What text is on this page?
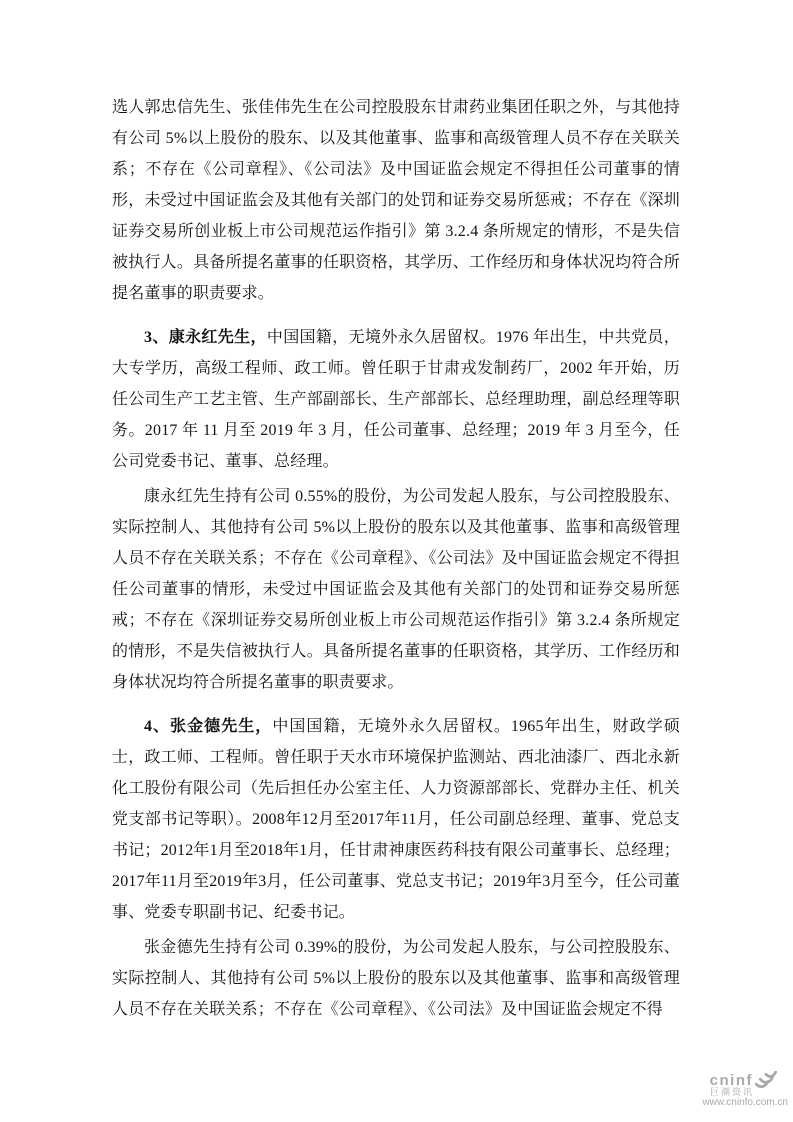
选人郭忠信先生、张佳伟先生在公司控股股东甘肃药业集团任职之外，与其他持有公司 5%以上股份的股东、以及其他董事、监事和高级管理人员不存在关联关系；不存在《公司章程》、《公司法》及中国证监会规定不得担任公司董事的情形，未受过中国证监会及其他有关部门的处罚和证券交易所惩戒；不存在《深圳证券交易所创业板上市公司规范运作指引》第 3.2.4 条所规定的情形，不是失信被执行人。具备所提名董事的任职资格，其学历、工作经历和身体状况均符合所提名董事的职责要求。

3、康永红先生，中国国籍，无境外永久居留权。1976 年出生，中共党员，大专学历，高级工程师、政工师。曾任职于甘肃戎发制药厂，2002 年开始，历任公司生产工艺主管、生产部副部长、生产部部长、总经理助理，副总经理等职务。2017 年 11 月至 2019 年 3 月，任公司董事、总经理；2019 年 3 月至今，任公司党委书记、董事、总经理。

康永红先生持有公司 0.55%的股份，为公司发起人股东，与公司控股股东、实际控制人、其他持有公司 5%以上股份的股东以及其他董事、监事和高级管理人员不存在关联关系；不存在《公司章程》、《公司法》及中国证监会规定不得担任公司董事的情形，未受过中国证监会及其他有关部门的处罚和证券交易所惩戒；不存在《深圳证券交易所创业板上市公司规范运作指引》第 3.2.4 条所规定的情形，不是失信被执行人。具备所提名董事的任职资格，其学历、工作经历和身体状况均符合所提名董事的职责要求。

4、张金德先生，中国国籍，无境外永久居留权。1965年出生，财政学硕士，政工师、工程师。曾任职于天水市环境保护监测站、西北油漆厂、西北永新化工股份有限公司（先后担任办公室主任、人力资源部部长、党群办主任、机关党支部书记等职）。2008年12月至2017年11月，任公司副总经理、董事、党总支书记；2012年1月至2018年1月，任甘肃神康医药科技有限公司董事长、总经理；2017年11月至2019年3月，任公司董事、党总支书记；2019年3月至今，任公司董事、党委专职副书记、纪委书记。

张金德先生持有公司 0.39%的股份，为公司发起人股东，与公司控股股东、实际控制人、其他持有公司 5%以上股份的股东以及其他董事、监事和高级管理人员不存在关联关系；不存在《公司章程》、《公司法》及中国证监会规定不得

cninf
巨潮资讯
www.cninfo.com.cn
